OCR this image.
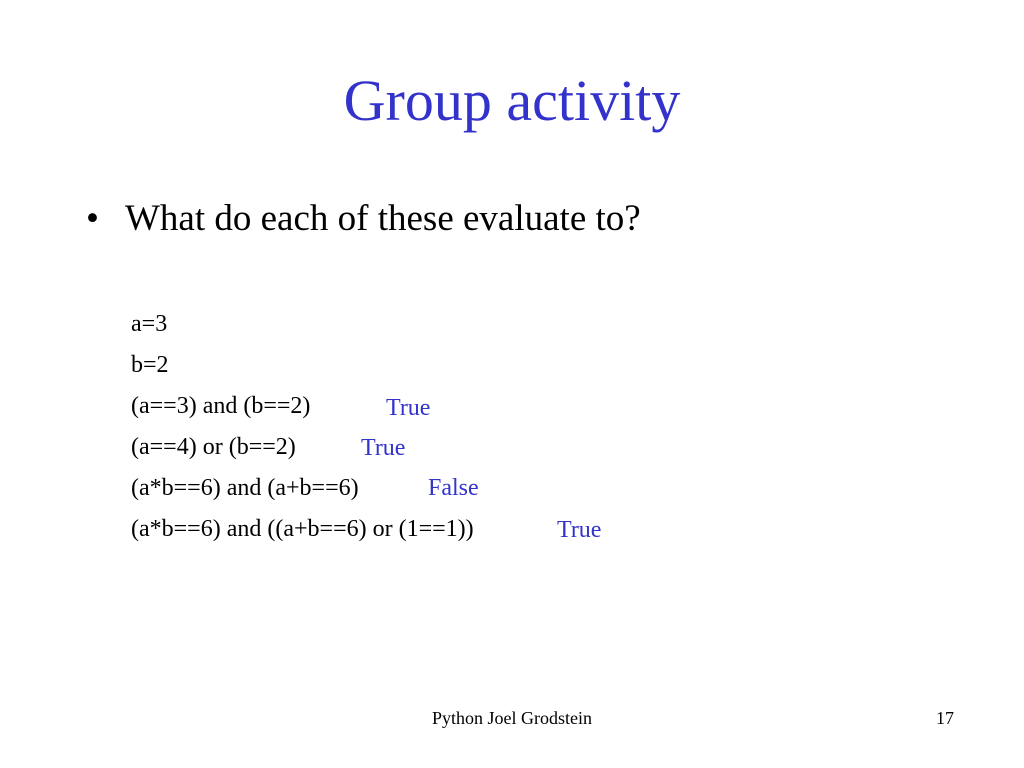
Group activity
• What do each of these evaluate to?
a=3
b=2
(a==3) and (b==2)
(a==4) or (b==2)
(a*b==6) and (a+b==6)
(a*b==6) and ((a+b==6) or (1==1))
True
True
False
True
Python Joel Grodstein	17
